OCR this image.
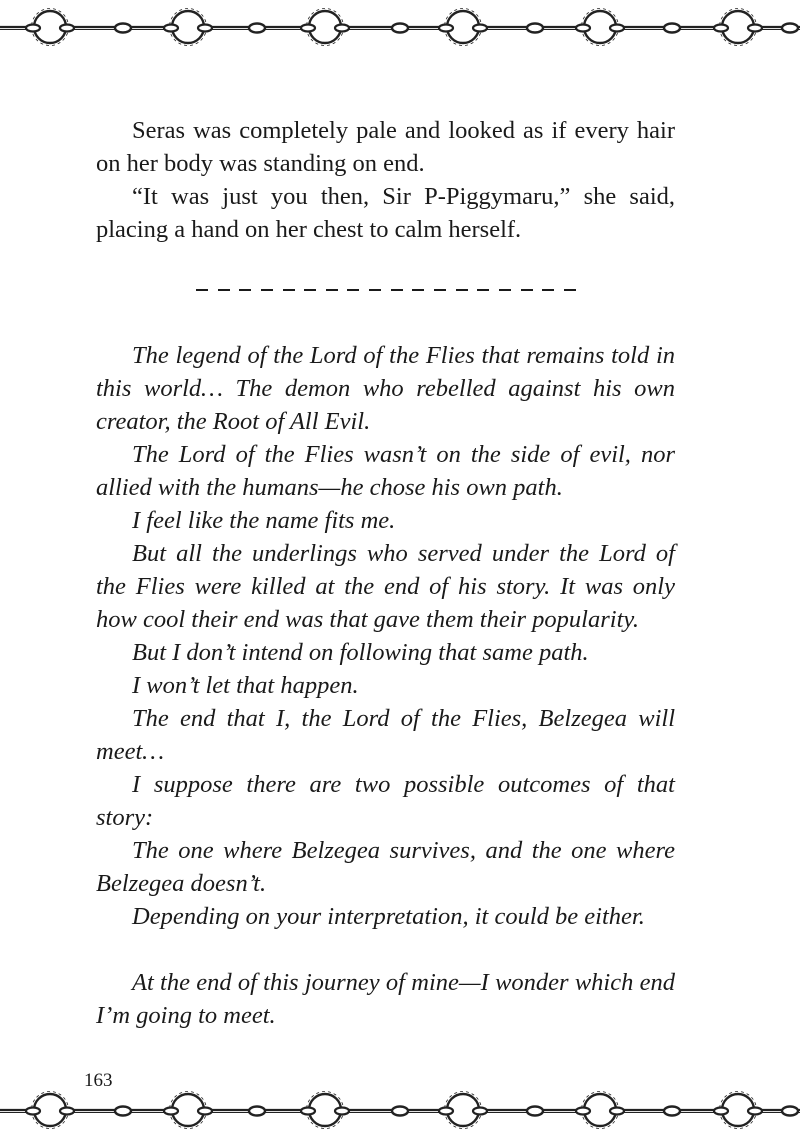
Seras was completely pale and looked as if every hair on her body was standing on end.

“It was just you then, Sir P-Piggymaru,” she said, placing a hand on her chest to calm herself.

The legend of the Lord of the Flies that remains told in this world… The demon who rebelled against his own creator, the Root of All Evil.

The Lord of the Flies wasn’t on the side of evil, nor allied with the humans—he chose his own path.

I feel like the name fits me.

But all the underlings who served under the Lord of the Flies were killed at the end of his story. It was only how cool their end was that gave them their popularity.

But I don’t intend on following that same path.

I won’t let that happen.

The end that I, the Lord of the Flies, Belzegea will meet…

I suppose there are two possible outcomes of that story:

The one where Belzegea survives, and the one where Belzegea doesn’t.

Depending on your interpretation, it could be either.

At the end of this journey of mine—I wonder which end I’m going to meet.

163
